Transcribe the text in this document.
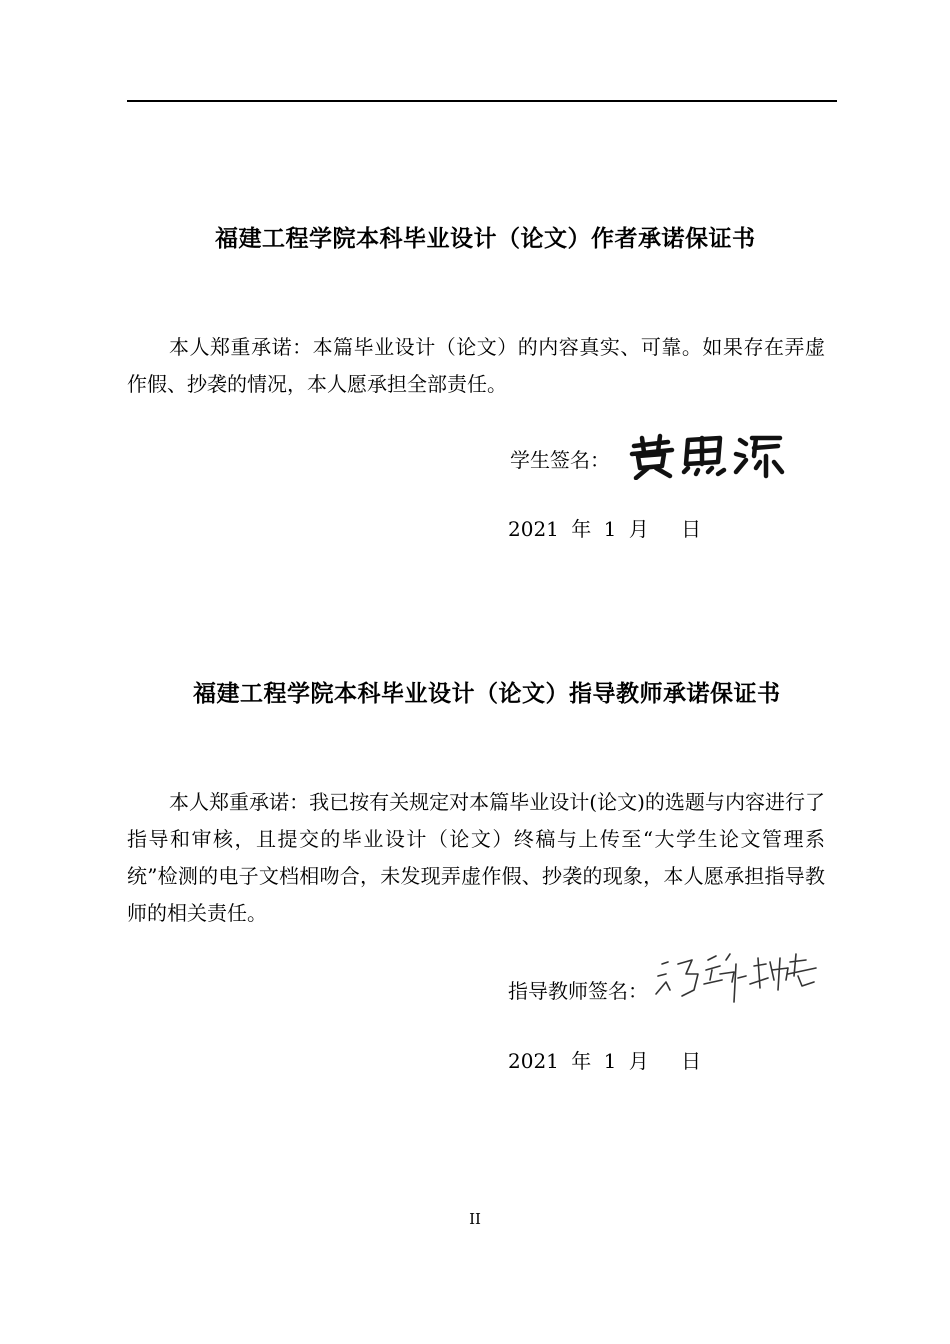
福建工程学院本科毕业设计（论文）作者承诺保证书
本人郑重承诺：本篇毕业设计（论文）的内容真实、可靠。如果存在弄虚作假、抄袭的情况，本人愿承担全部责任。
学生签名：
2021 年 1 月 日
福建工程学院本科毕业设计（论文）指导教师承诺保证书
本人郑重承诺：我已按有关规定对本篇毕业设计(论文)的选题与内容进行了指导和审核，且提交的毕业设计（论文）终稿与上传至“大学生论文管理系统”检测的电子文档相吻合，未发现弄虚作假、抄袭的现象，本人愿承担指导教师的相关责任。
指导教师签名：
2021 年 1 月 日
II
